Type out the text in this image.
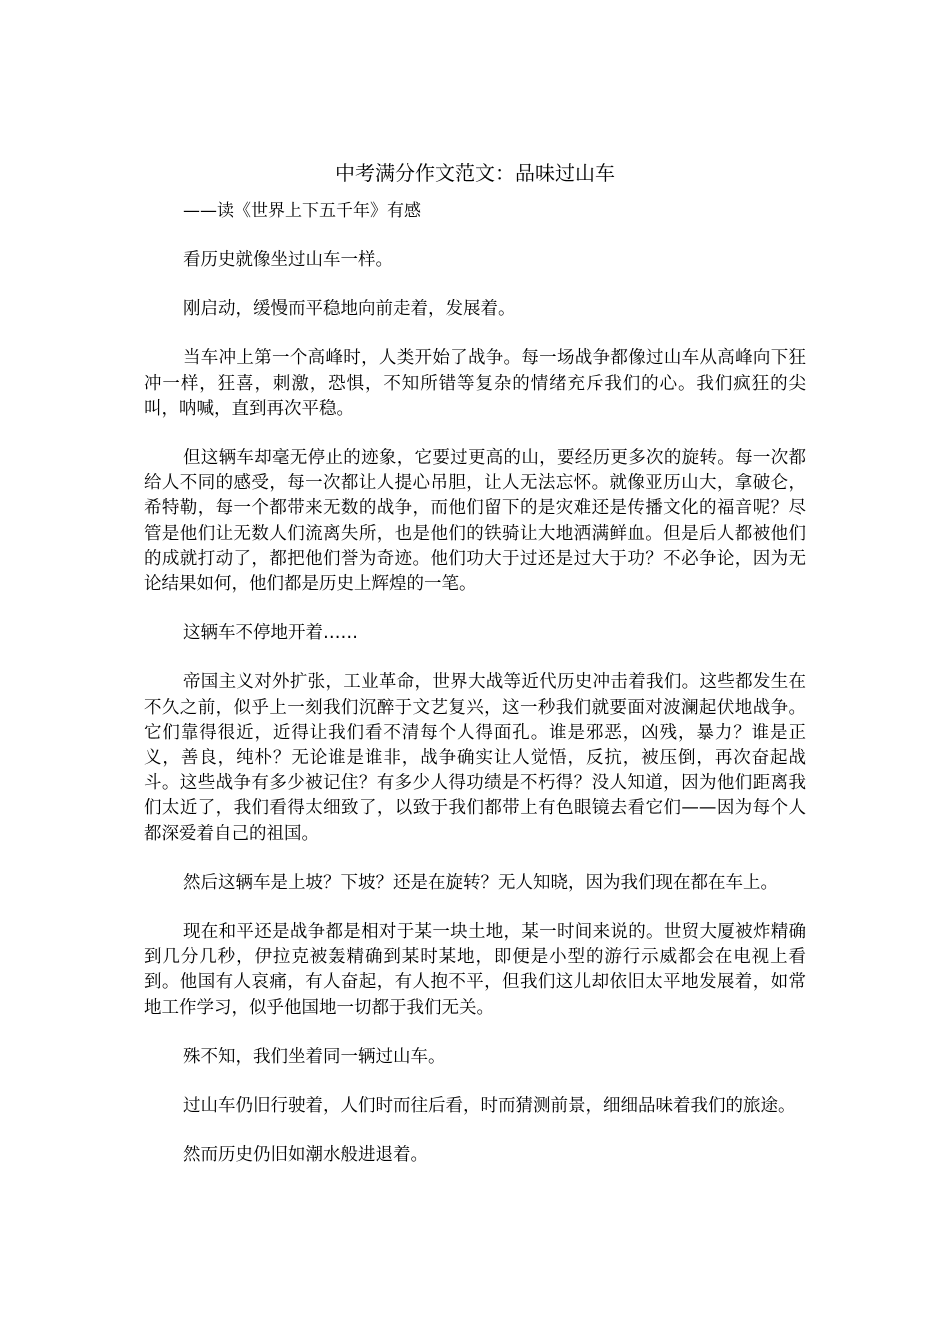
中考满分作文范文：品味过山车

——读《世界上下五千年》有感

看历史就像坐过山车一样。

刚启动，缓慢而平稳地向前走着，发展着。

当车冲上第一个高峰时，人类开始了战争。每一场战争都像过山车从高峰向下狂冲一样，狂喜，刺激，恐惧，不知所错等复杂的情绪充斥我们的心。我们疯狂的尖叫，呐喊，直到再次平稳。

但这辆车却毫无停止的迹象，它要过更高的山，要经历更多次的旋转。每一次都给人不同的感受，每一次都让人提心吊胆，让人无法忘怀。就像亚历山大，拿破仑，希特勒，每一个都带来无数的战争，而他们留下的是灾难还是传播文化的福音呢？尽管是他们让无数人们流离失所，也是他们的铁骑让大地洒满鲜血。但是后人都被他们的成就打动了，都把他们誉为奇迹。他们功大于过还是过大于功？不必争论，因为无论结果如何，他们都是历史上辉煌的一笔。

这辆车不停地开着……

帝国主义对外扩张，工业革命，世界大战等近代历史冲击着我们。这些都发生在不久之前，似乎上一刻我们沉醉于文艺复兴，这一秒我们就要面对波澜起伏地战争。它们靠得很近，近得让我们看不清每个人得面孔。谁是邪恶，凶残，暴力？谁是正义，善良，纯朴？无论谁是谁非，战争确实让人觉悟，反抗，被压倒，再次奋起战斗。这些战争有多少被记住？有多少人得功绩是不朽得？没人知道，因为他们距离我们太近了，我们看得太细致了，以致于我们都带上有色眼镜去看它们——因为每个人都深爱着自己的祖国。

然后这辆车是上坡？下坡？还是在旋转？无人知晓，因为我们现在都在车上。

现在和平还是战争都是相对于某一块土地，某一时间来说的。世贸大厦被炸精确到几分几秒，伊拉克被轰精确到某时某地，即便是小型的游行示威都会在电视上看到。他国有人哀痛，有人奋起，有人抱不平，但我们这儿却依旧太平地发展着，如常地工作学习，似乎他国地一切都于我们无关。

殊不知，我们坐着同一辆过山车。

过山车仍旧行驶着，人们时而往后看，时而猜测前景，细细品味着我们的旅途。

然而历史仍旧如潮水般进退着。
